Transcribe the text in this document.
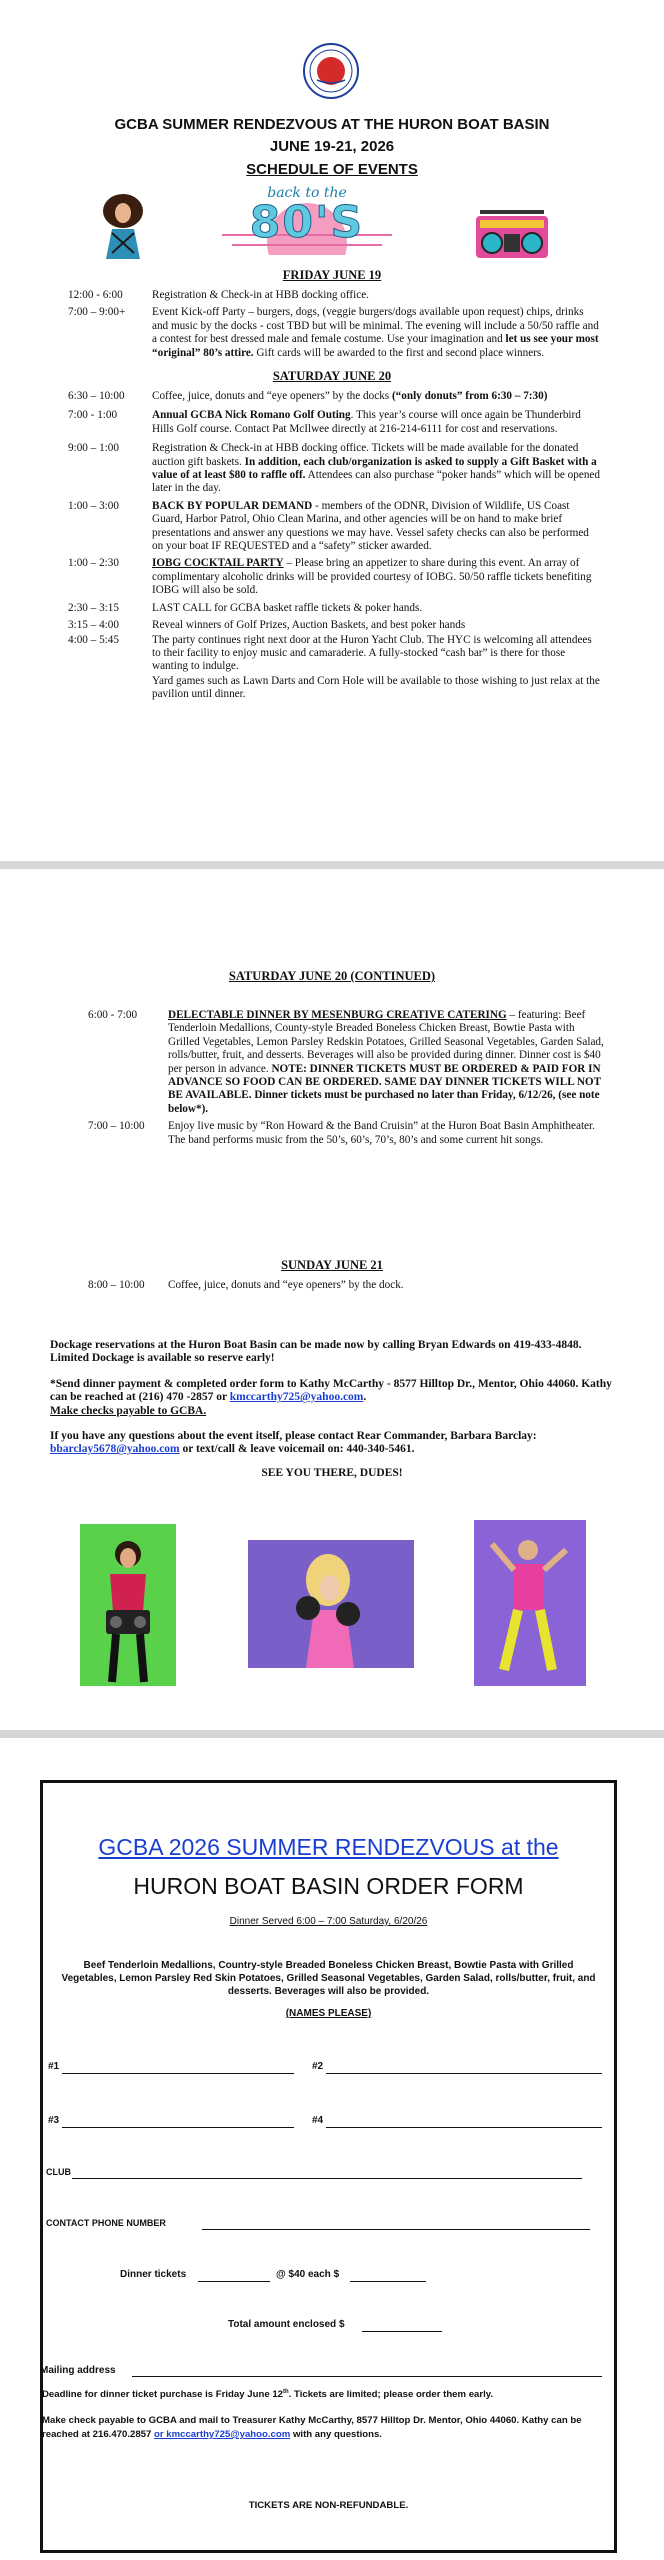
GCBA SUMMER RENDEZVOUS AT THE HURON BOAT BASIN
JUNE 19-21, 2026
SCHEDULE OF EVENTS
back to the
80'S
FRIDAY JUNE 19
12:00 - 6:00	Registration & Check-in at HBB docking office.
7:00 – 9:00+	Event Kick-off Party – burgers, dogs, (veggie burgers/dogs available upon request) chips, drinks and music by the docks - cost TBD but will be minimal. The evening will include a 50/50 raffle and a contest for best dressed male and female costume. Use your imagination and let us see your most “original” 80’s attire. Gift cards will be awarded to the first and second place winners.
SATURDAY JUNE 20
6:30 – 10:00	Coffee, juice, donuts and “eye openers” by the docks (“only donuts” from 6:30 – 7:30)
7:00 - 1:00	Annual GCBA Nick Romano Golf Outing. This year’s course will once again be Thunderbird Hills Golf course. Contact Pat McIlwee directly at 216-214-6111 for cost and reservations.
9:00 – 1:00	Registration & Check-in at HBB docking office. Tickets will be made available for the donated auction gift baskets. In addition, each club/organization is asked to supply a Gift Basket with a value of at least $80 to raffle off. Attendees can also purchase “poker hands” which will be opened later in the day.
1:00 – 3:00	BACK BY POPULAR DEMAND - members of the ODNR, Division of Wildlife, US Coast Guard, Harbor Patrol, Ohio Clean Marina, and other agencies will be on hand to make brief presentations and answer any questions we may have. Vessel safety checks can also be performed on your boat IF REQUESTED and a “safety” sticker awarded.
1:00 – 2:30	IOBG COCKTAIL PARTY – Please bring an appetizer to share during this event. An array of complimentary alcoholic drinks will be provided courtesy of IOBG. 50/50 raffle tickets benefiting IOBG will also be sold.
2:30 – 3:15	LAST CALL for GCBA basket raffle tickets & poker hands.
3:15 – 4:00	Reveal winners of Golf Prizes, Auction Baskets, and best poker hands
4:00 – 5:45	The party continues right next door at the Huron Yacht Club. The HYC is welcoming all attendees to their facility to enjoy music and camaraderie. A fully-stocked “cash bar” is there for those wanting to indulge.
Yard games such as Lawn Darts and Corn Hole will be available to those wishing to just relax at the pavilion until dinner.
SATURDAY JUNE 20 (CONTINUED)
6:00 - 7:00	DELECTABLE DINNER BY MESENBURG CREATIVE CATERING – featuring: Beef Tenderloin Medallions, County-style Breaded Boneless Chicken Breast, Bowtie Pasta with Grilled Vegetables, Lemon Parsley Redskin Potatoes, Grilled Seasonal Vegetables, Garden Salad, rolls/butter, fruit, and desserts. Beverages will also be provided during dinner. Dinner cost is $40 per person in advance. NOTE: DINNER TICKETS MUST BE ORDERED & PAID FOR IN ADVANCE SO FOOD CAN BE ORDERED. SAME DAY DINNER TICKETS WILL NOT BE AVAILABLE. Dinner tickets must be purchased no later than Friday, 6/12/26, (see note below*).
7:00 – 10:00	Enjoy live music by “Ron Howard & the Band Cruisin” at the Huron Boat Basin Amphitheater. The band performs music from the 50’s, 60’s, 70’s, 80’s and some current hit songs.
SUNDAY JUNE 21
8:00 – 10:00	Coffee, juice, donuts and “eye openers” by the dock.
Dockage reservations at the Huron Boat Basin can be made now by calling Bryan Edwards on 419-433-4848. Limited Dockage is available so reserve early!
*Send dinner payment & completed order form to Kathy McCarthy - 8577 Hilltop Dr., Mentor, Ohio 44060. Kathy can be reached at (216) 470 -2857 or kmccarthy725@yahoo.com.
Make checks payable to GCBA.
If you have any questions about the event itself, please contact Rear Commander, Barbara Barclay: bbarclay5678@yahoo.com or text/call & leave voicemail on: 440-340-5461.
SEE YOU THERE, DUDES!
GCBA 2026 SUMMER RENDEZVOUS at the
HURON BOAT BASIN ORDER FORM
Dinner Served 6:00 – 7:00 Saturday, 6/20/26
Beef Tenderloin Medallions, Country-style Breaded Boneless Chicken Breast, Bowtie Pasta with Grilled Vegetables, Lemon Parsley Red Skin Potatoes, Grilled Seasonal Vegetables, Garden Salad, rolls/butter, fruit, and desserts. Beverages will also be provided.
(NAMES PLEASE)
#1	#2
#3	#4
CLUB
CONTACT PHONE NUMBER
Dinner tickets	@ $40 each $
Total amount enclosed $
Mailing address
Deadline for dinner ticket purchase is Friday June 12th. Tickets are limited; please order them early.
Make check payable to GCBA and mail to Treasurer Kathy McCarthy, 8577 Hilltop Dr. Mentor, Ohio 44060. Kathy can be reached at 216.470.2857 or kmccarthy725@yahoo.com with any questions.
TICKETS ARE NON-REFUNDABLE.
